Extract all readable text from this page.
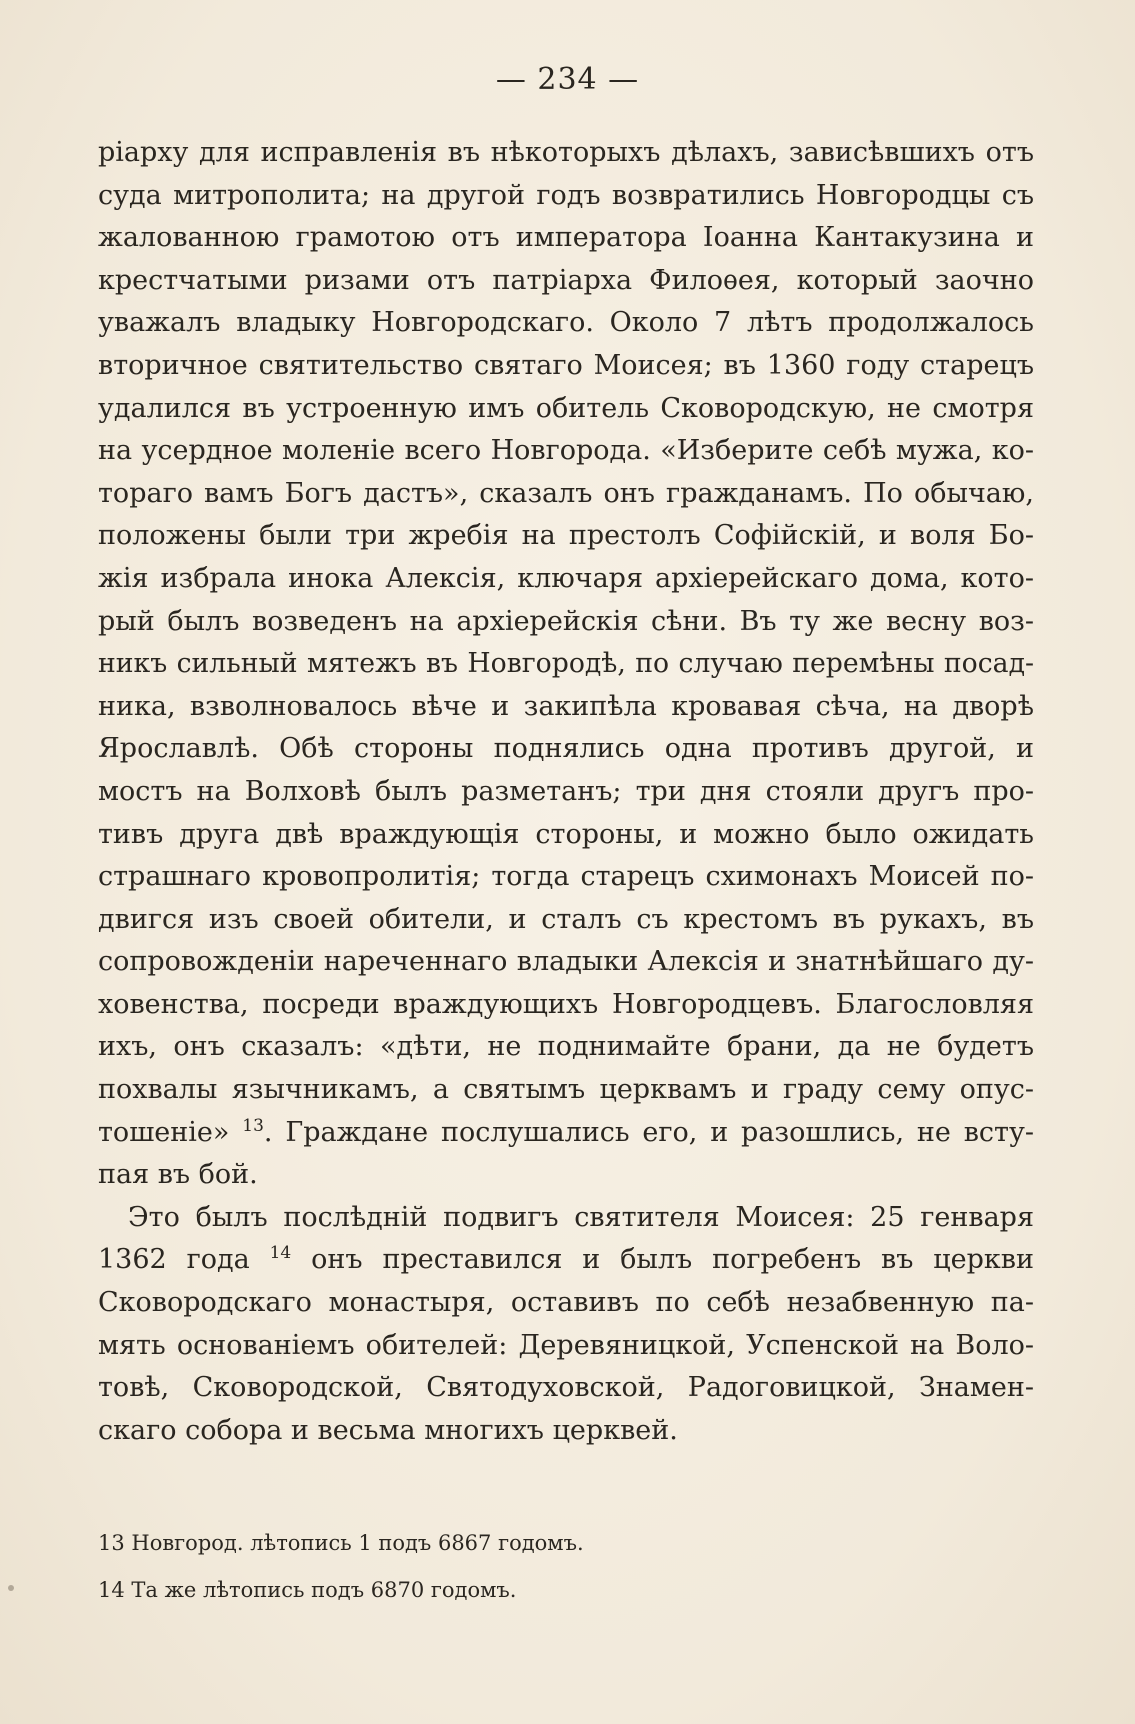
— 234 —
ріарху для исправленія въ нѣкоторыхъ дѣлахъ, зависѣвшихъ отъ
суда митрополита; на другой годъ возвратились Новгородцы съ
жалованною грамотою отъ императора Іоанна Кантакузина и
крестчатыми ризами отъ патріарха Филоѳея, который заочно
уважалъ владыку Новгородскаго. Около 7 лѣтъ продолжалось
вторичное святительство святаго Моисея; въ 1360 году старецъ
удалился въ устроенную имъ обитель Сковородскую, не смотря
на усердное моленіе всего Новгорода. «Изберите себѣ мужа, ко-
тораго вамъ Богъ дастъ», сказалъ онъ гражданамъ. По обычаю,
положены были три жребія на престолъ Софійскій, и воля Бо-
жія избрала инока Алексія, ключаря архіерейскаго дома, кото-
рый былъ возведенъ на архіерейскія сѣни. Въ ту же весну воз-
никъ сильный мятежъ въ Новгородѣ, по случаю перемѣны посад-
ника, взволновалось вѣче и закипѣла кровавая сѣча, на дворѣ
Ярославлѣ. Обѣ стороны поднялись одна противъ другой, и
мостъ на Волховѣ былъ разметанъ; три дня стояли другъ про-
тивъ друга двѣ враждующія стороны, и можно было ожидать
страшнаго кровопролитія; тогда старецъ схимонахъ Моисей по-
двигся изъ своей обители, и сталъ съ крестомъ въ рукахъ, въ
сопровожденіи нареченнаго владыки Алексія и знатнѣйшаго ду-
ховенства, посреди враждующихъ Новгородцевъ. Благословляя
ихъ, онъ сказалъ: «дѣти, не поднимайте брани, да не будетъ
похвалы язычникамъ, а святымъ церквамъ и граду сему опус-
тошеніе» $^{13}$. Граждане послушались его, и разошлись, не всту-
пая въ бой.
Это былъ послѣдній подвигъ святителя Моисея: 25 генваря
1362 года $^{14}$ онъ преставился и былъ погребенъ въ церкви
Сковородскаго монастыря, оставивъ по себѣ незабвенную па-
мять основаніемъ обителей: Деревяницкой, Успенской на Воло-
товѣ, Сковородской, Святодуховской, Радоговицкой, Знамен-
скаго собора и весьма многихъ церквей.
13 Новгород. лѣтопись 1 подъ 6867 годомъ.
14 Та же лѣтопись подъ 6870 годомъ.
